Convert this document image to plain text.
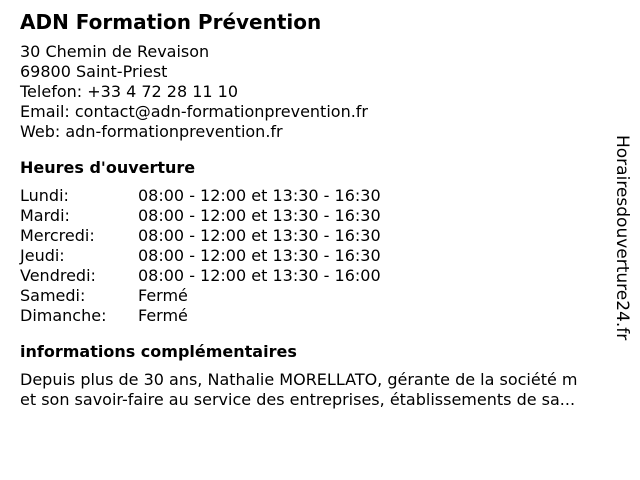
ADN Formation Prévention
30 Chemin de Revaison
69800 Saint-Priest
Telefon: +33 4 72 28 11 10
Email: contact@adn-formationprevention.fr
Web: adn-formationprevention.fr
Heures d'ouverture
Lundi:	08:00 - 12:00 et 13:30 - 16:30
Mardi:	08:00 - 12:00 et 13:30 - 16:30
Mercredi:	08:00 - 12:00 et 13:30 - 16:30
Jeudi:	08:00 - 12:00 et 13:30 - 16:30
Vendredi:	08:00 - 12:00 et 13:30 - 16:00
Samedi:	Fermé
Dimanche:	Fermé
informations complémentaires
Depuis plus de 30 ans, Nathalie MORELLATO, gérante de la société m
et son savoir-faire au service des entreprises, établissements de sa...
Horairesdouverture24.fr
